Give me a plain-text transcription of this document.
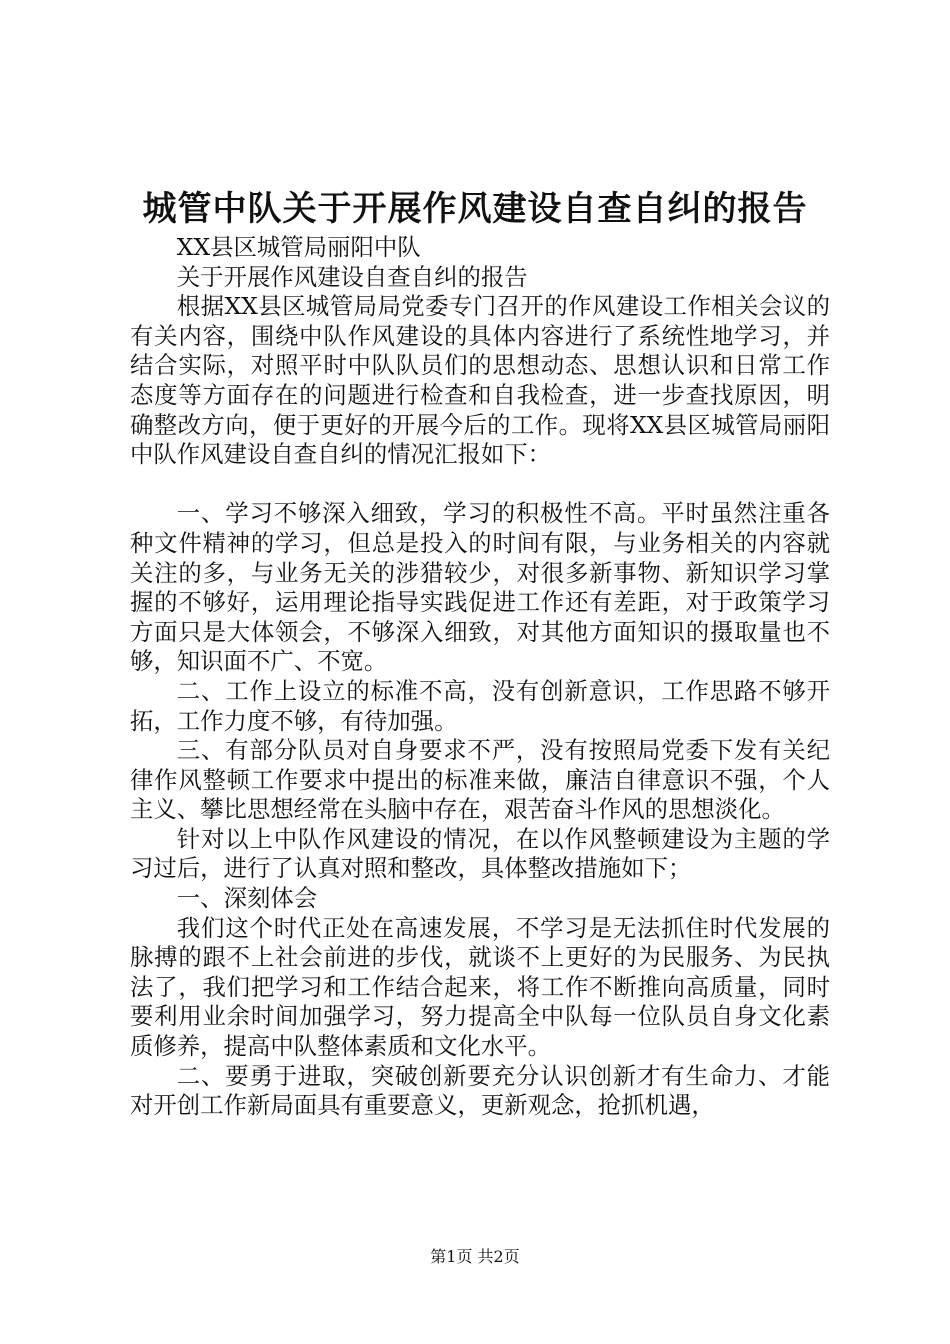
城管中队关于开展作风建设自查自纠的报告

XX县区城管局丽阳中队

关于开展作风建设自查自纠的报告

根据XX县区城管局局党委专门召开的作风建设工作相关会议的有关内容，围绕中队作风建设的具体内容进行了系统性地学习，并结合实际，对照平时中队队员们的思想动态、思想认识和日常工作态度等方面存在的问题进行检查和自我检查，进一步查找原因，明确整改方向，便于更好的开展今后的工作。现将XX县区城管局丽阳中队作风建设自查自纠的情况汇报如下：

一、学习不够深入细致，学习的积极性不高。平时虽然注重各种文件精神的学习，但总是投入的时间有限，与业务相关的内容就关注的多，与业务无关的涉猎较少，对很多新事物、新知识学习掌握的不够好，运用理论指导实践促进工作还有差距，对于政策学习方面只是大体领会，不够深入细致，对其他方面知识的摄取量也不够，知识面不广、不宽。

二、工作上设立的标准不高，没有创新意识，工作思路不够开拓，工作力度不够，有待加强。

三、有部分队员对自身要求不严，没有按照局党委下发有关纪律作风整顿工作要求中提出的标准来做，廉洁自律意识不强，个人主义、攀比思想经常在头脑中存在，艰苦奋斗作风的思想淡化。

针对以上中队作风建设的情况，在以作风整顿建设为主题的学习过后，进行了认真对照和整改，具体整改措施如下；

一、深刻体会

我们这个时代正处在高速发展，不学习是无法抓住时代发展的脉搏的跟不上社会前进的步伐，就谈不上更好的为民服务、为民执法了，我们把学习和工作结合起来，将工作不断推向高质量，同时要利用业余时间加强学习，努力提高全中队每一位队员自身文化素质修养，提高中队整体素质和文化水平。

二、要勇于进取，突破创新要充分认识创新才有生命力、才能对开创工作新局面具有重要意义，更新观念，抢抓机遇，

第1页 共2页
